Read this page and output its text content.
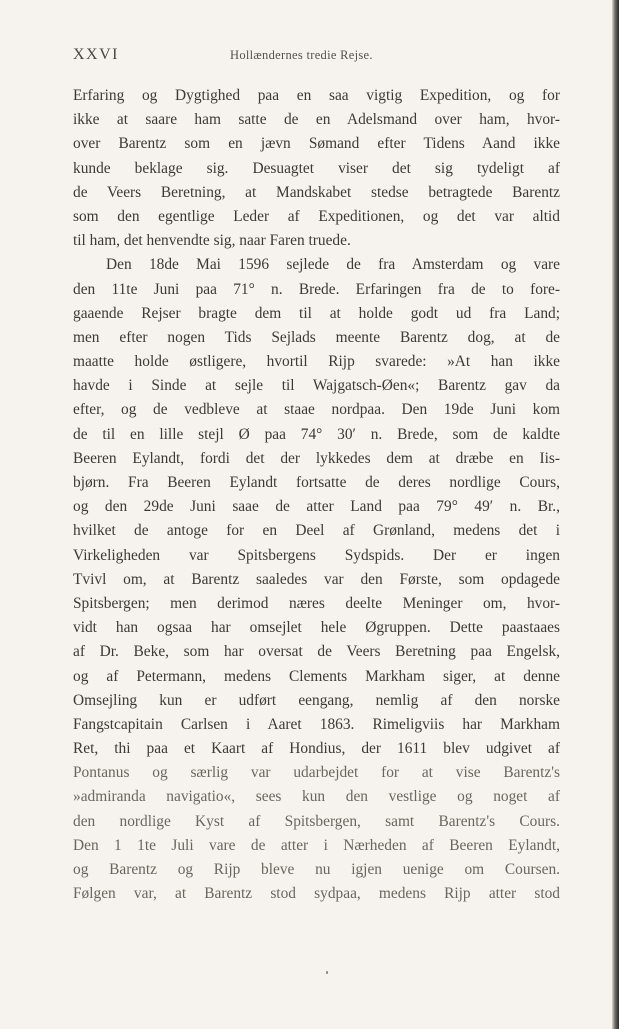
XXVI	Hollændernes tredie Rejse.
Erfaring og Dygtighed paa en saa vigtig Expedition, og for
ikke at saare ham satte de en Adelsmand over ham, hvor-
over Barentz som en jævn Sømand efter Tidens Aand ikke
kunde beklage sig. Desuagtet viser det sig tydeligt af
de Veers Beretning, at Mandskabet stedse betragtede Barentz
som den egentlige Leder af Expeditionen, og det var altid
til ham, det henvendte sig, naar Faren truede.
Den 18de Mai 1596 sejlede de fra Amsterdam og vare
den 11te Juni paa 71° n. Brede. Erfaringen fra de to fore-
gaaende Rejser bragte dem til at holde godt ud fra Land;
men efter nogen Tids Sejlads meente Barentz dog, at de
maatte holde østligere, hvortil Rijp svarede: »At han ikke
havde i Sinde at sejle til Wajgatsch-Øen«; Barentz gav da
efter, og de vedbleve at staae nordpaa. Den 19de Juni kom
de til en lille stejl Ø paa 74° 30′ n. Brede, som de kaldte
Beeren Eylandt, fordi det der lykkedes dem at dræbe en Iis-
bjørn. Fra Beeren Eylandt fortsatte de deres nordlige Cours,
og den 29de Juni saae de atter Land paa 79° 49′ n. Br.,
hvilket de antoge for en Deel af Grønland, medens det i
Virkeligheden var Spitsbergens Sydspids. Der er ingen
Tvivl om, at Barentz saaledes var den Første, som opdagede
Spitsbergen; men derimod næres deelte Meninger om, hvor-
vidt han ogsaa har omsejlet hele Øgruppen. Dette paastaaes
af Dr. Beke, som har oversat de Veers Beretning paa Engelsk,
og af Petermann, medens Clements Markham siger, at denne
Omsejling kun er udført eengang, nemlig af den norske
Fangstcapitain Carlsen i Aaret 1863. Rimeligviis har Markham
Ret, thi paa et Kaart af Hondius, der 1611 blev udgivet af
Pontanus og særlig var udarbejdet for at vise Barentz's
»admiranda navigatio«, sees kun den vestlige og noget af
den nordlige Kyst af Spitsbergen, samt Barentz's Cours.
Den 1 1te Juli vare de atter i Nærheden af Beeren Eylandt,
og Barentz og Rijp bleve nu igjen uenige om Coursen.
Følgen var, at Barentz stod sydpaa, medens Rijp atter stod
